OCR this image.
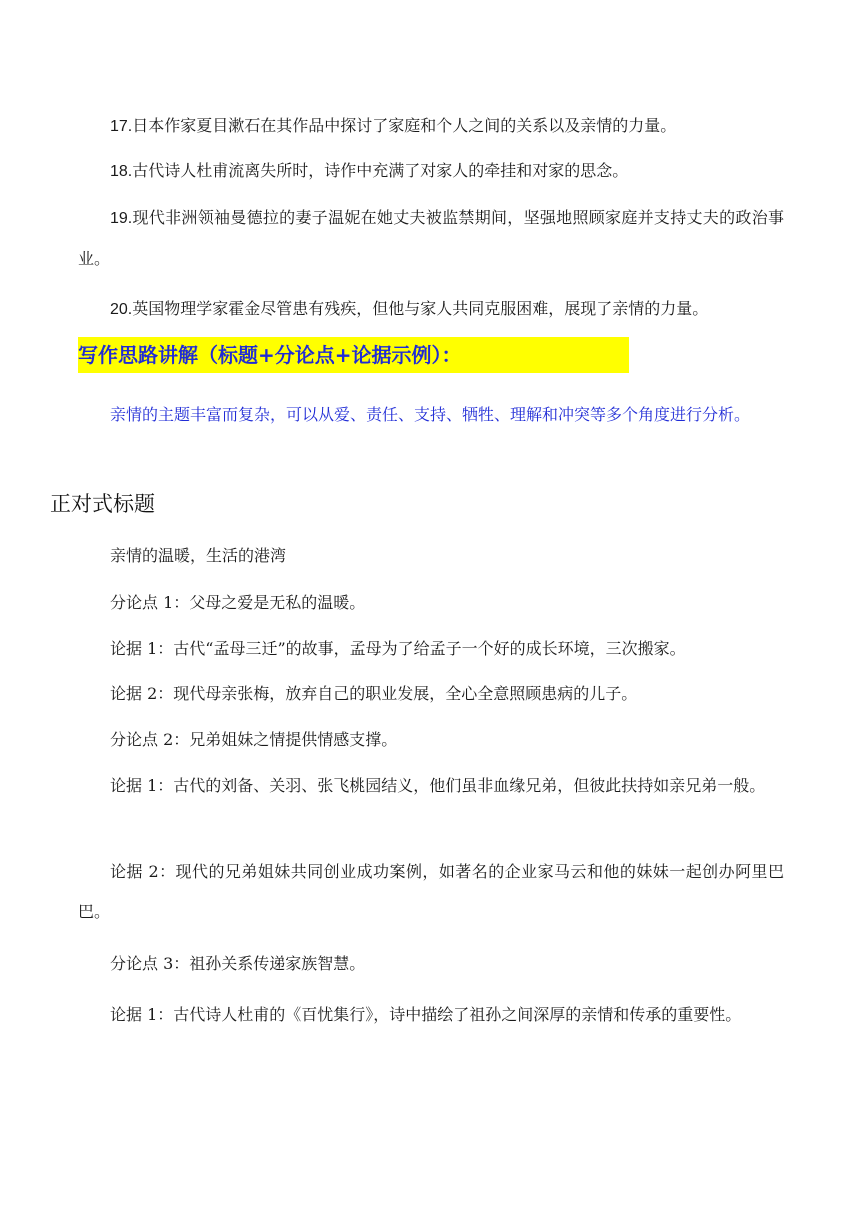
17.日本作家夏目漱石在其作品中探讨了家庭和个人之间的关系以及亲情的力量。

18.古代诗人杜甫流离失所时，诗作中充满了对家人的牵挂和对家的思念。

19.现代非洲领袖曼德拉的妻子温妮在她丈夫被监禁期间，坚强地照顾家庭并支持丈夫的政治事业。

20.英国物理学家霍金尽管患有残疾，但他与家人共同克服困难，展现了亲情的力量。

亲情的主题丰富而复杂，可以从爱、责任、支持、牺牲、理解和冲突等多个角度进行分析。

亲情的温暖，生活的港湾

分论点 1：父母之爱是无私的温暖。

论据 1：古代“孟母三迁”的故事，孟母为了给孟子一个好的成长环境，三次搬家。

论据 2：现代母亲张梅，放弃自己的职业发展，全心全意照顾患病的儿子。

分论点 2：兄弟姐妹之情提供情感支撑。

论据 1：古代的刘备、关羽、张飞桃园结义，他们虽非血缘兄弟，但彼此扶持如亲兄弟一般。

论据 2：现代的兄弟姐妹共同创业成功案例，如著名的企业家马云和他的妹妹一起创办阿里巴巴。

分论点 3：祖孙关系传递家族智慧。

论据 1：古代诗人杜甫的《百忧集行》，诗中描绘了祖孙之间深厚的亲情和传承的重要性。

写作思路讲解（标题+分论点+论据示例）：
正对式标题
